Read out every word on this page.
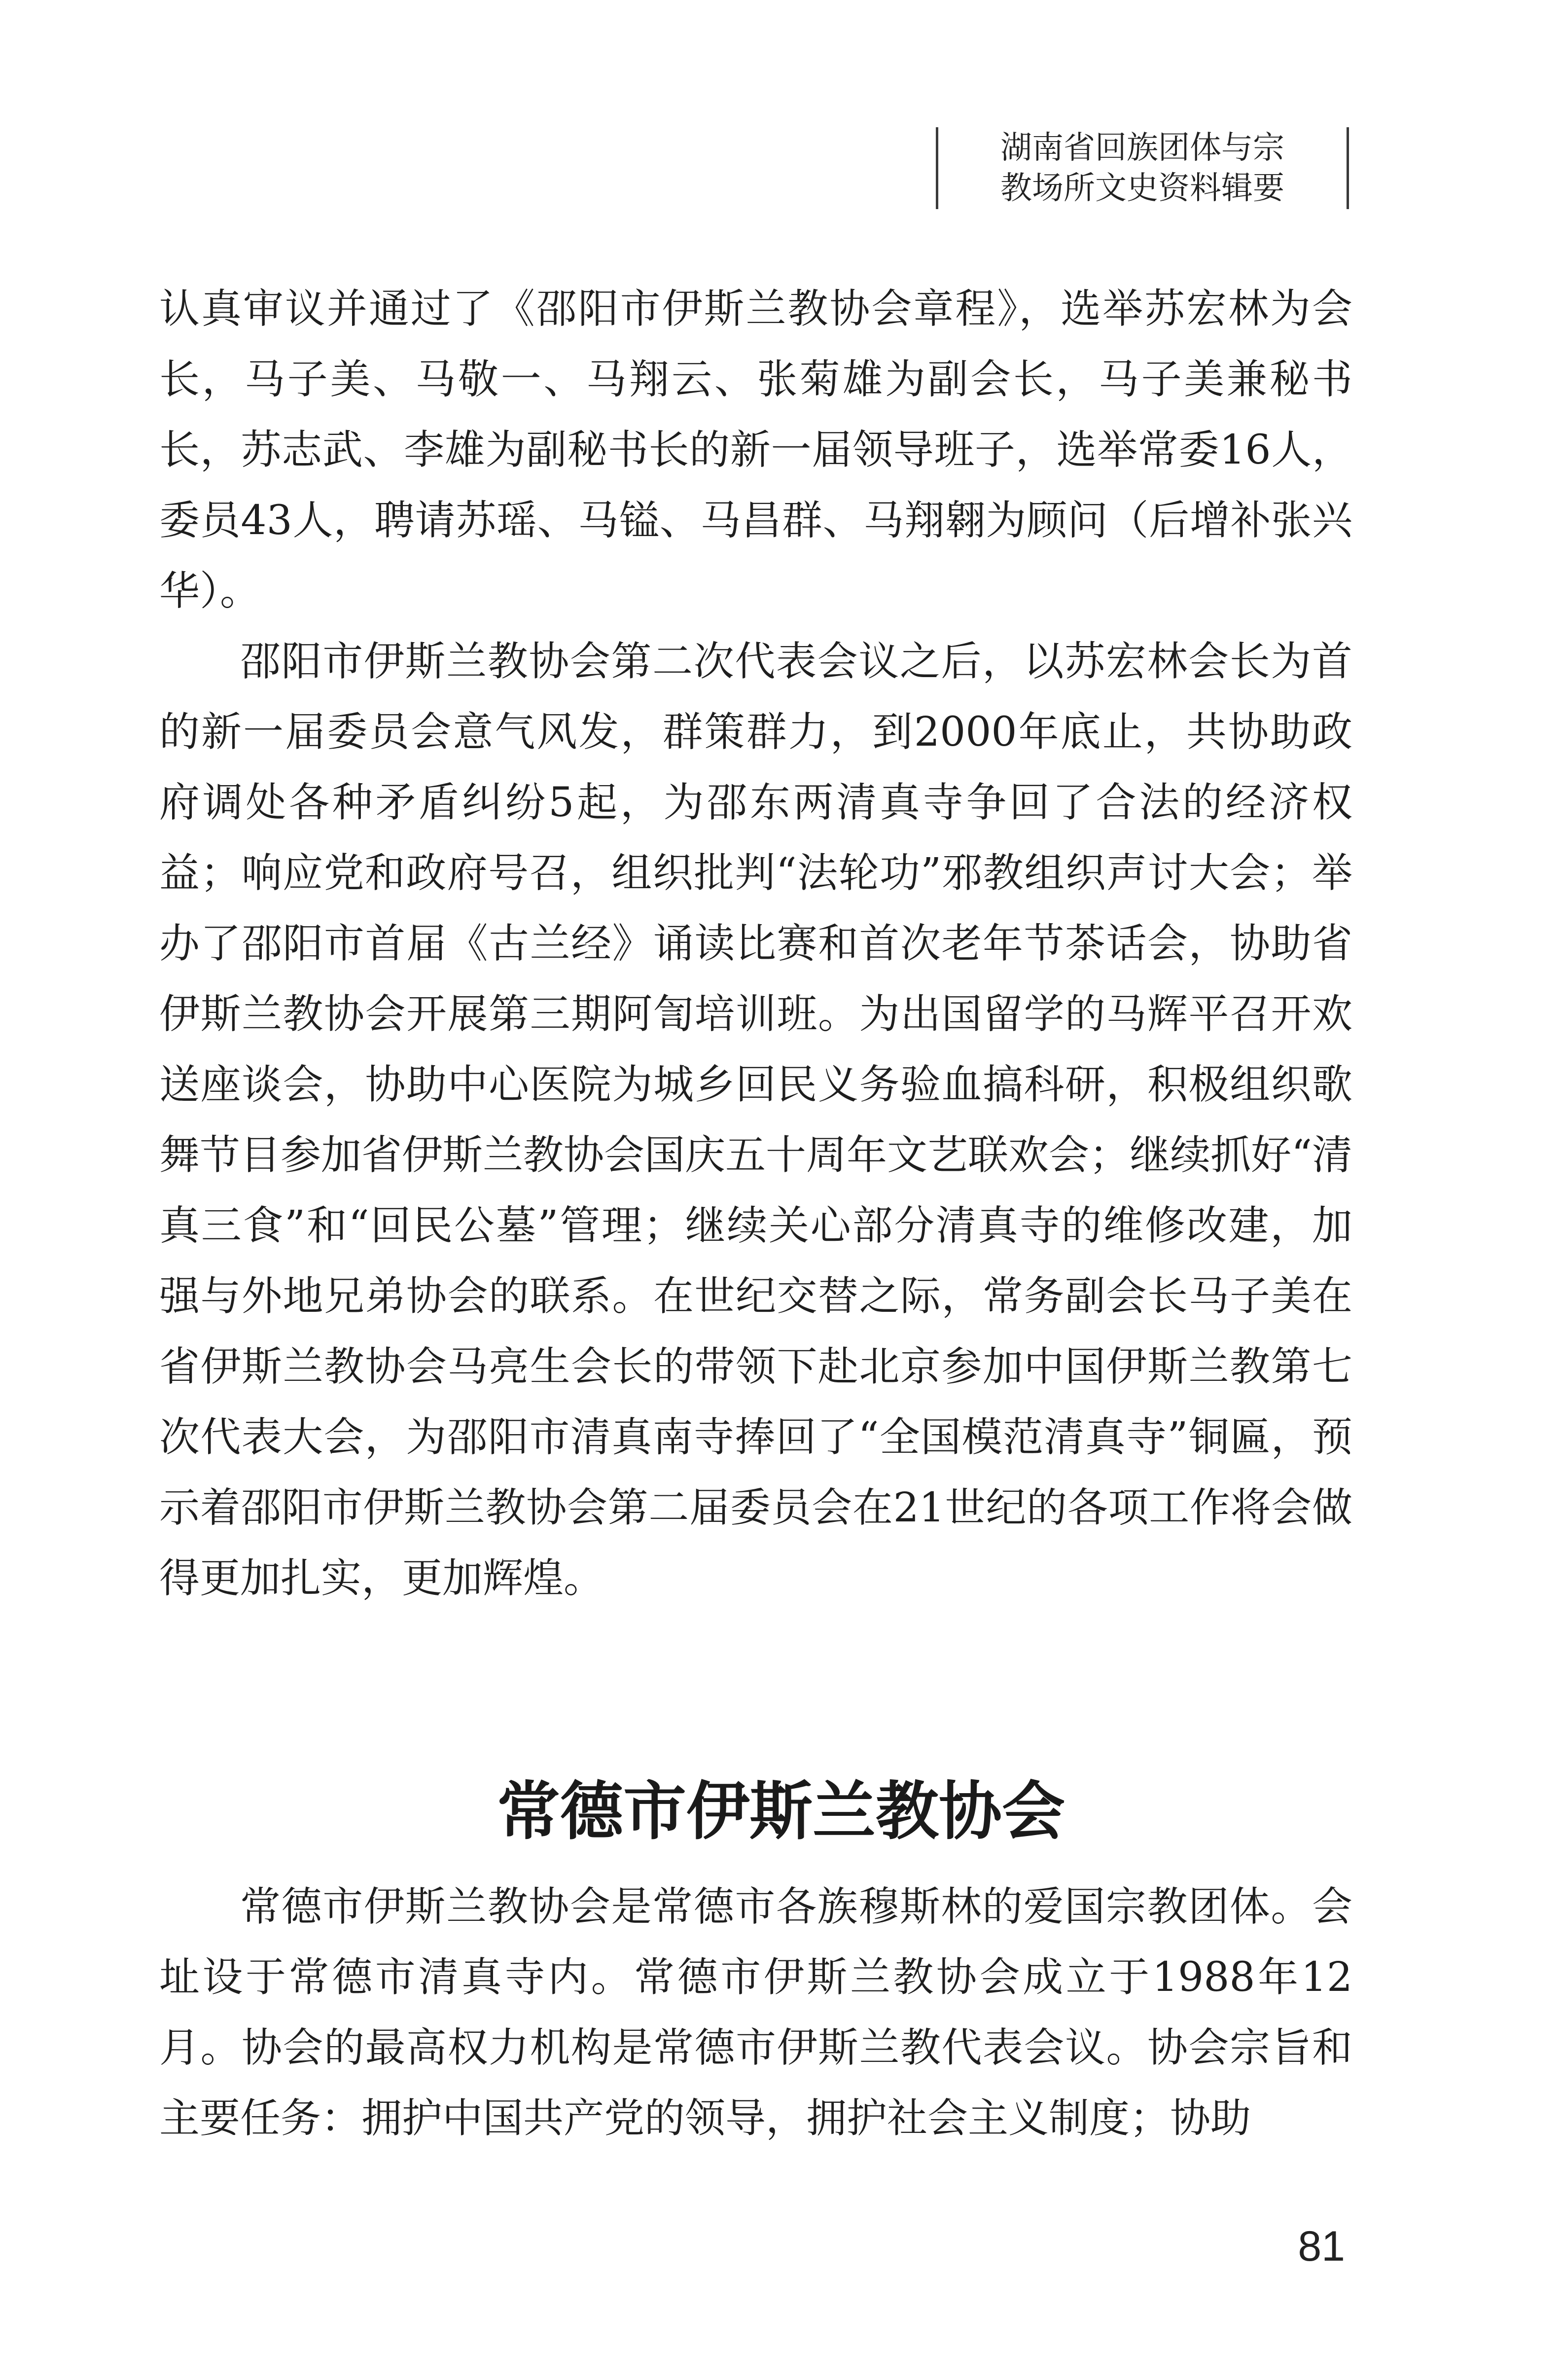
湖南省回族团体与宗
教场所文史资料辑要

认真审议并通过了《邵阳市伊斯兰教协会章程》，选举苏宏林为会长，马子美、马敬一、马翔云、张菊雄为副会长，马子美兼秘书长，苏志武、李雄为副秘书长的新一届领导班子，选举常委16人，委员43人，聘请苏瑶、马镒、马昌群、马翔翱为顾问（后增补张兴华）。

邵阳市伊斯兰教协会第二次代表会议之后，以苏宏林会长为首的新一届委员会意气风发，群策群力，到2000年底止，共协助政府调处各种矛盾纠纷5起，为邵东两清真寺争回了合法的经济权益；响应党和政府号召，组织批判“法轮功”邪教组织声讨大会；举办了邵阳市首届《古兰经》诵读比赛和首次老年节茶话会，协助省伊斯兰教协会开展第三期阿訇培训班。为出国留学的马辉平召开欢送座谈会，协助中心医院为城乡回民义务验血搞科研，积极组织歌舞节目参加省伊斯兰教协会国庆五十周年文艺联欢会；继续抓好“清真三食”和“回民公墓”管理；继续关心部分清真寺的维修改建，加强与外地兄弟协会的联系。在世纪交替之际，常务副会长马子美在省伊斯兰教协会马亮生会长的带领下赴北京参加中国伊斯兰教第七次代表大会，为邵阳市清真南寺捧回了“全国模范清真寺”铜匾，预示着邵阳市伊斯兰教协会第二届委员会在21世纪的各项工作将会做得更加扎实，更加辉煌。

常德市伊斯兰教协会

常德市伊斯兰教协会是常德市各族穆斯林的爱国宗教团体。会址设于常德市清真寺内。常德市伊斯兰教协会成立于1988年12月。协会的最高权力机构是常德市伊斯兰教代表会议。协会宗旨和主要任务：拥护中国共产党的领导，拥护社会主义制度；协助

81
